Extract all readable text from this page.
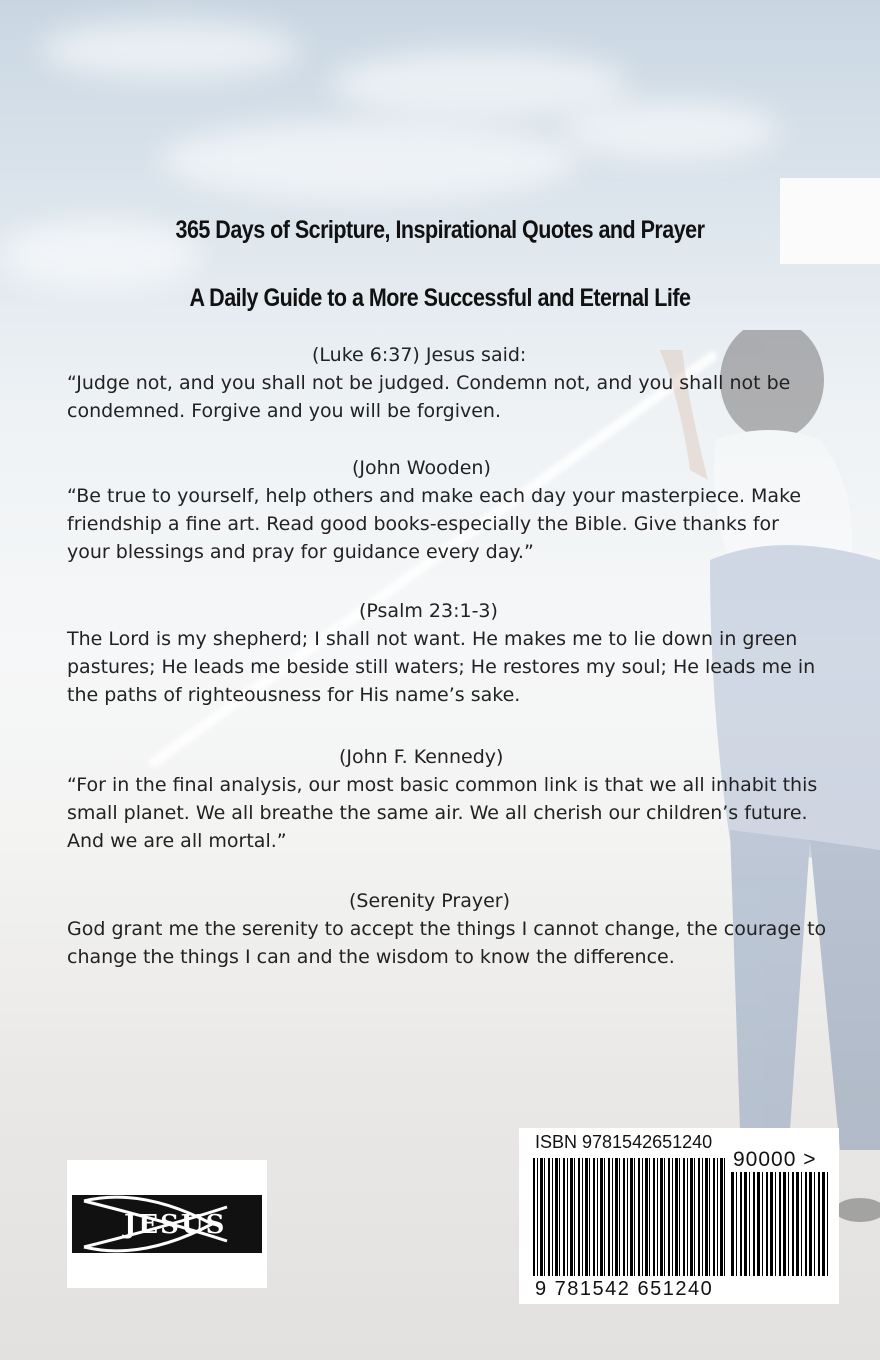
365 Days of Scripture, Inspirational Quotes and Prayer
A Daily Guide to a More Successful and Eternal Life
(Luke 6:37) Jesus said:
“Judge not, and you shall not be judged. Condemn not, and you shall not be condemned. Forgive and you will be forgiven.
(John Wooden)
“Be true to yourself, help others and make each day your masterpiece. Make friendship a fine art. Read good books-especially the Bible. Give thanks for your blessings and pray for guidance every day.”
(Psalm 23:1-3)
The Lord is my shepherd; I shall not want. He makes me to lie down in green pastures; He leads me beside still waters; He restores my soul; He leads me in the paths of righteousness for His name’s sake.
(John F. Kennedy)
“For in the final analysis, our most basic common link is that we all inhabit this small planet. We all breathe the same air. We all cherish our children’s future. And we are all mortal.”
(Serenity Prayer)
God grant me the serenity to accept the things I cannot change, the courage to change the things I can and the wisdom to know the difference.
JESUS
ISBN 9781542651240
90000 >
9 781542 651240
